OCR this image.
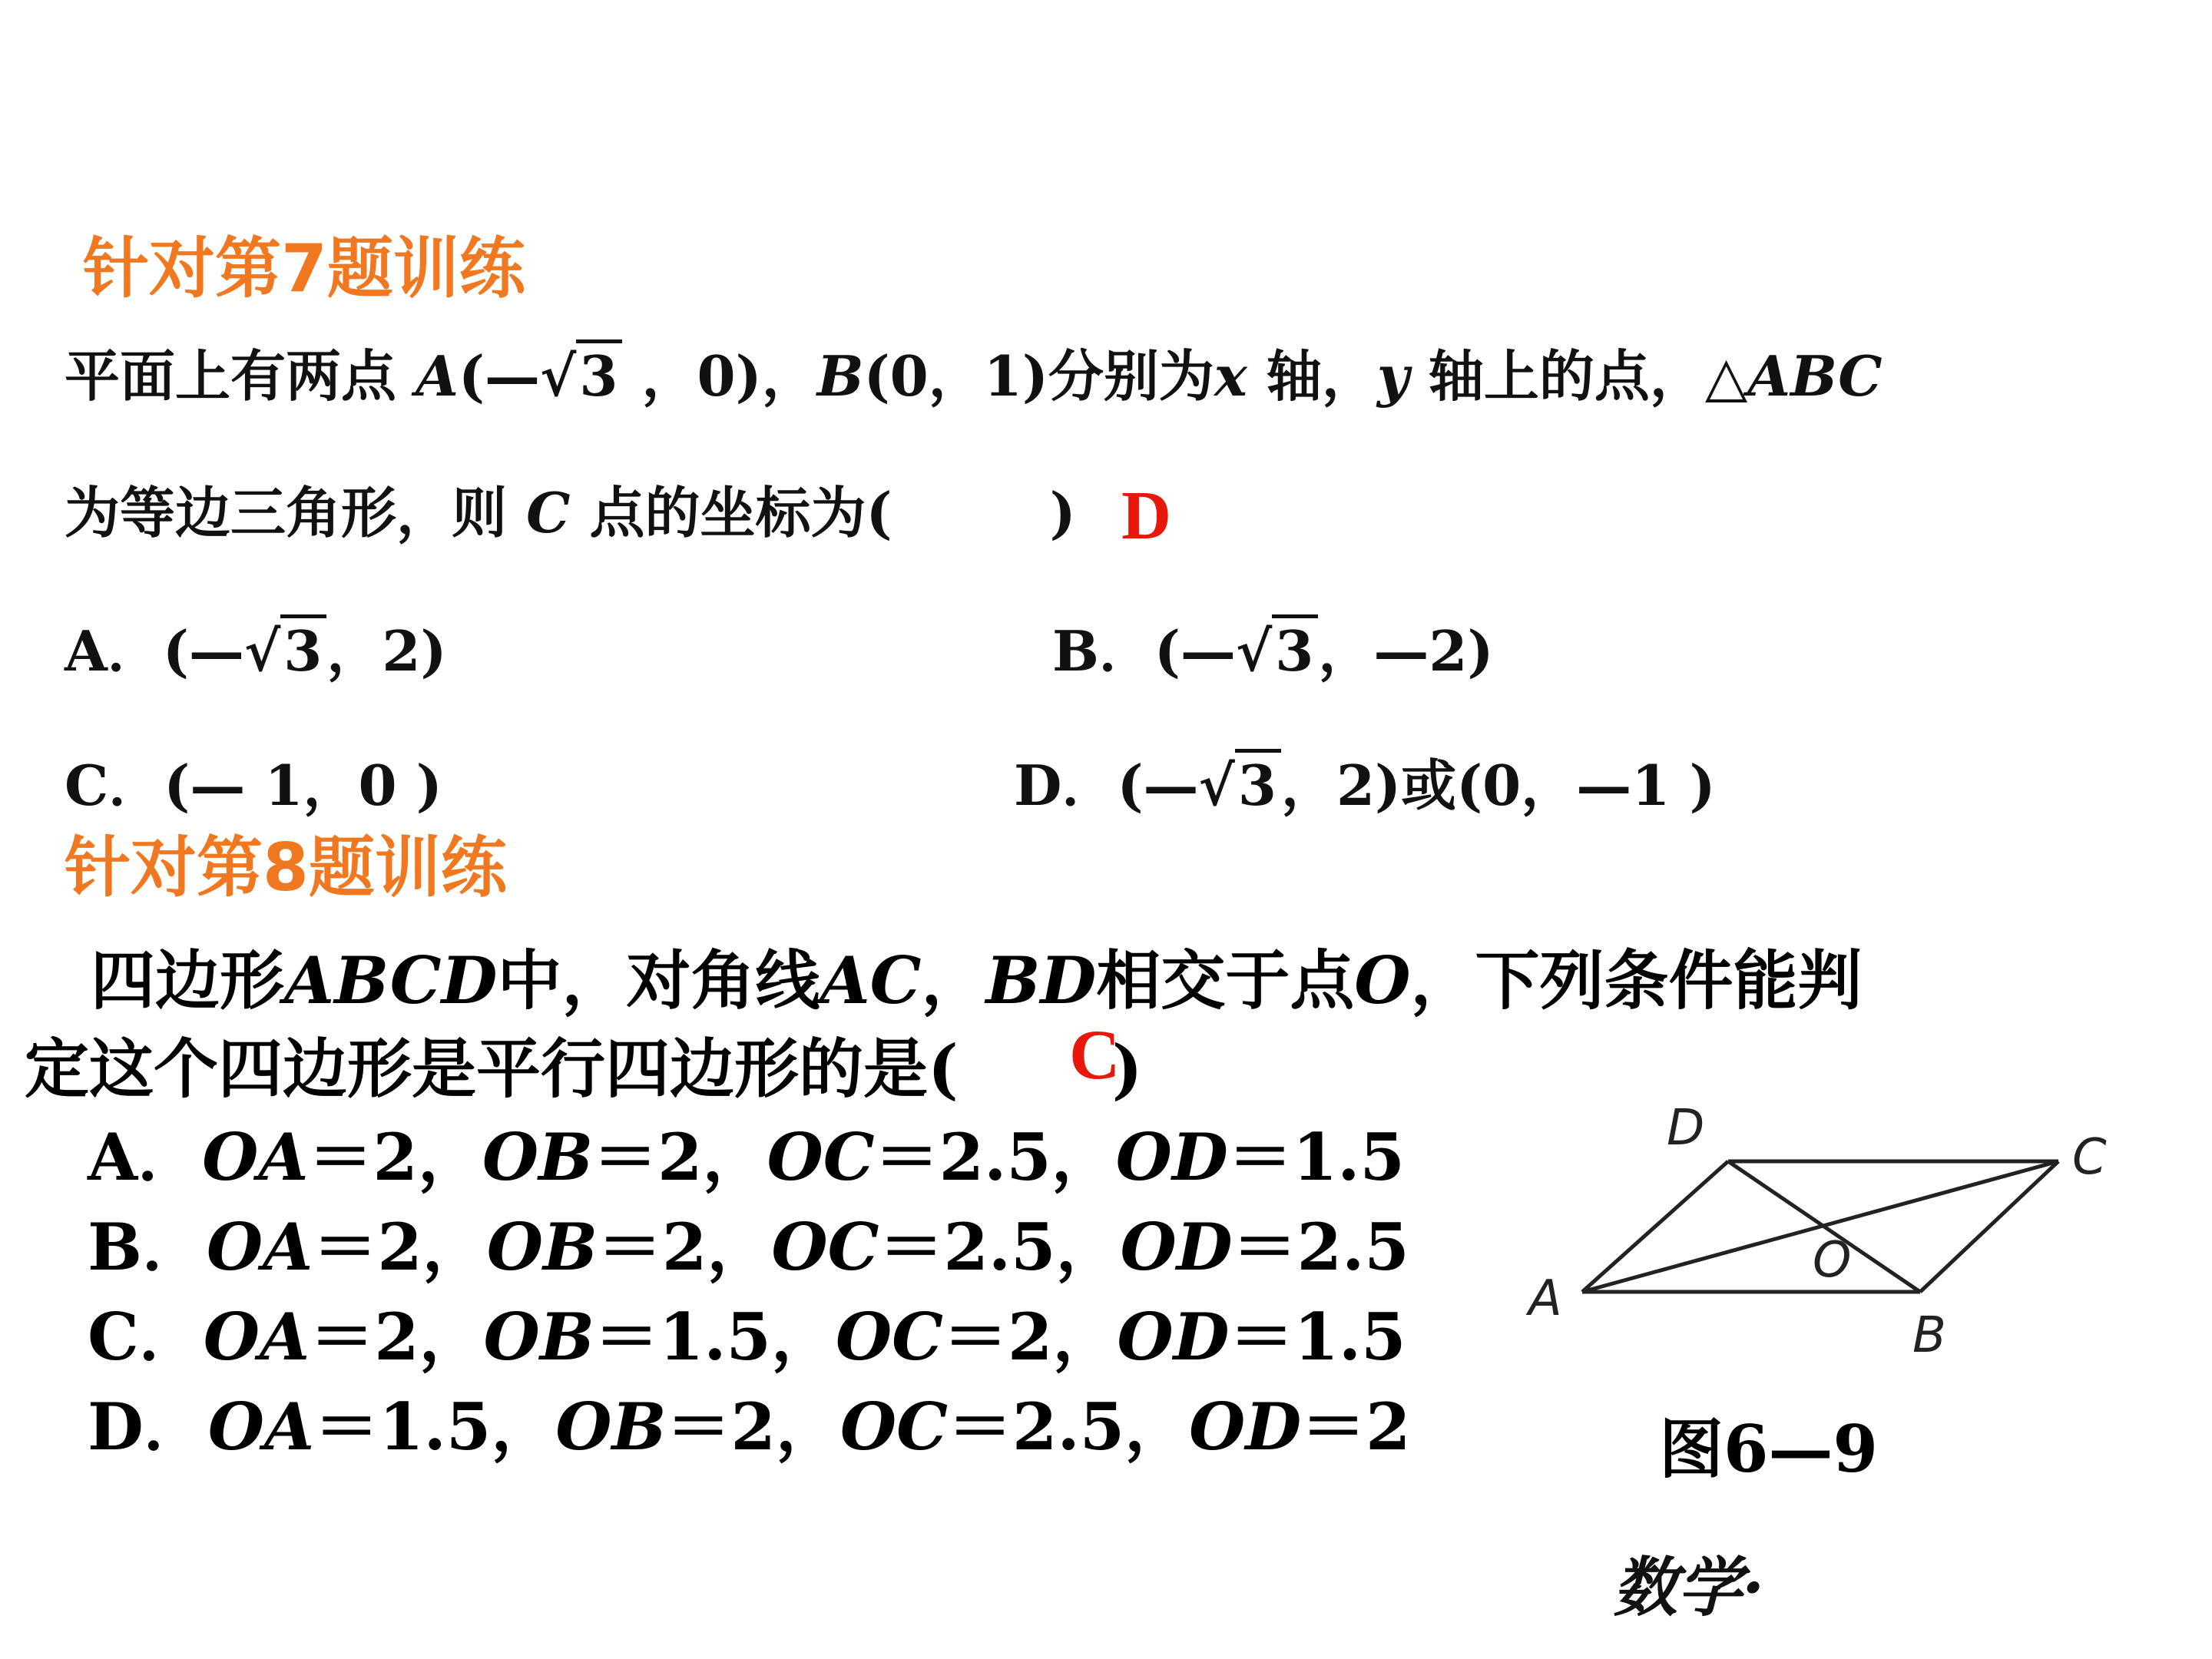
针对第7题训练
平面上有两点 A(—√3 ，0)，B(0，1)分别为x 轴，y 轴上的点，△ABC
为等边三角形，则 C 点的坐标为(	) D
A．(—√3，2)	B．(—√3，—2)
C．(— 1，0 )	D．(—√3，2)或(0，—1 )
针对第8题训练
四边形ABCD中，对角线AC，BD相交于点O，下列条件能判
定这个四边形是平行四边形的是( )
C
A．OA＝2，OB＝2，OC＝2.5，OD＝1.5
B．OA＝2，OB＝2，OC＝2.5，OD＝2.5
C．OA＝2，OB＝1.5，OC＝2，OD＝1.5
D．OA＝1.5，OB＝2，OC＝2.5，OD＝2
A
B
C
D
O
图6—9
数学·
